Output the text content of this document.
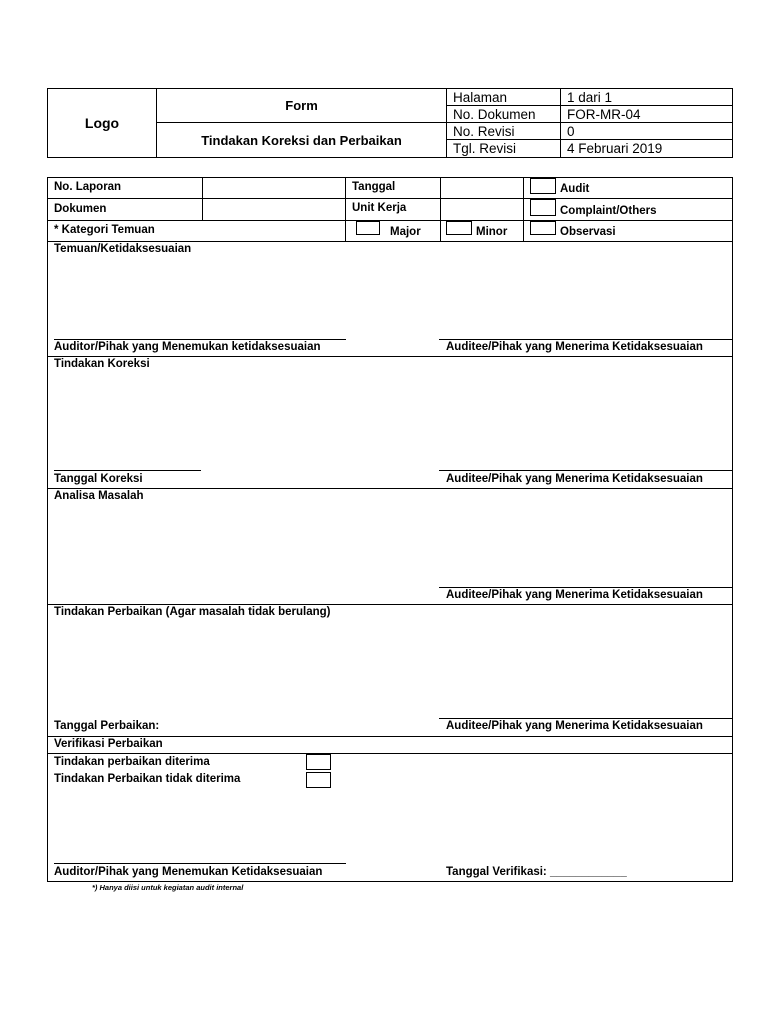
Logo
Form
Tindakan Koreksi dan Perbaikan
Halaman	1 dari 1
No. Dokumen	FOR-MR-04
No. Revisi	0
Tgl. Revisi	4 Februari 2019
No. Laporan	Tanggal	Audit
Dokumen	Unit Kerja	Complaint/Others
* Kategori Temuan	Major	Minor	Observasi
Temuan/Ketidaksesuaian
Auditor/Pihak yang Menemukan ketidaksesuaian	Auditee/Pihak yang Menerima Ketidaksesuaian
Tindakan Koreksi
Tanggal Koreksi	Auditee/Pihak yang Menerima Ketidaksesuaian
Analisa Masalah
Auditee/Pihak yang Menerima Ketidaksesuaian
Tindakan Perbaikan (Agar masalah tidak berulang)
Tanggal Perbaikan:	Auditee/Pihak yang Menerima Ketidaksesuaian
Verifikasi Perbaikan
Tindakan perbaikan diterima
Tindakan Perbaikan tidak diterima
Auditor/Pihak yang Menemukan Ketidaksesuaian	Tanggal Verifikasi: ____________
*) Hanya diisi untuk kegiatan audit internal
